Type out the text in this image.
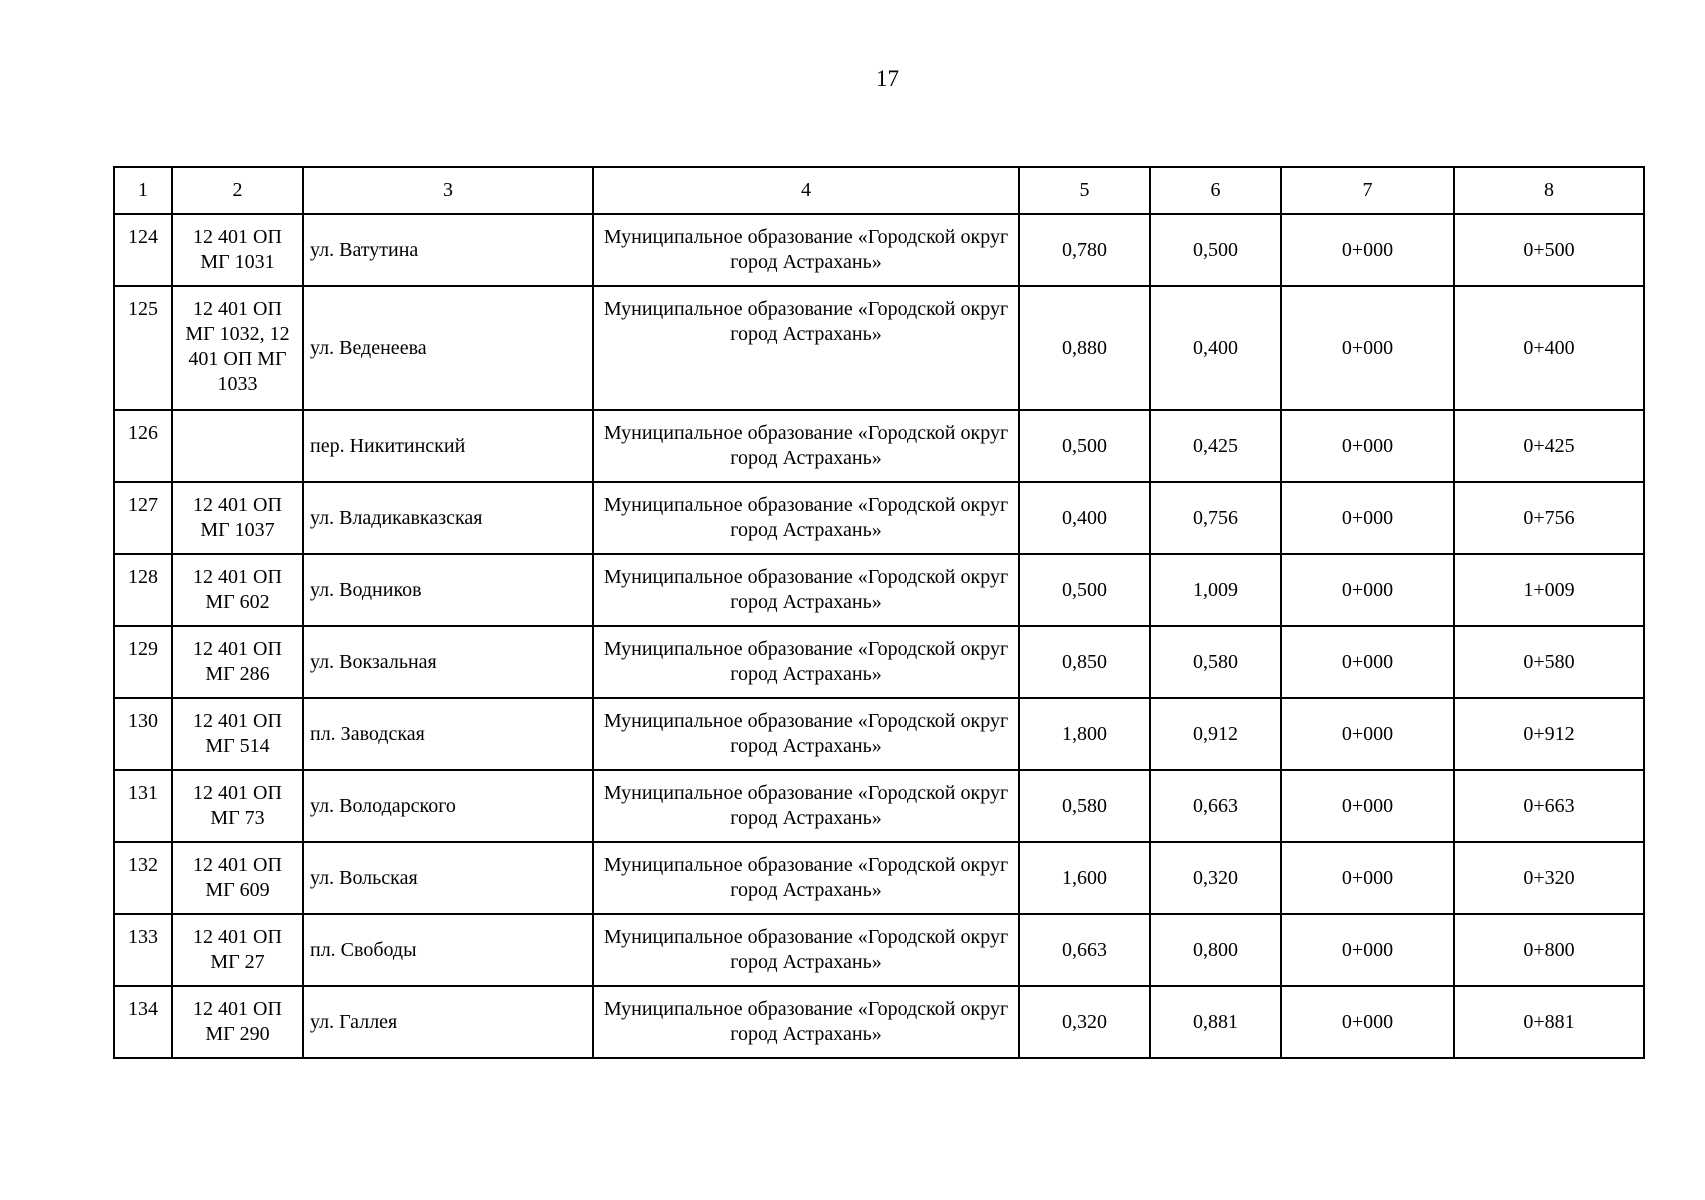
17
1	2	3	4	5	6	7	8
124	12 401 ОП МГ 1031	ул. Ватутина	Муниципальное образование «Городской округ город Астрахань»	0,780	0,500	0+000	0+500
125	12 401 ОП МГ 1032, 12 401 ОП МГ 1033	ул. Веденеева	Муниципальное образование «Городской округ город Астрахань»	0,880	0,400	0+000	0+400
126		пер. Никитинский	Муниципальное образование «Городской округ город Астрахань»	0,500	0,425	0+000	0+425
127	12 401 ОП МГ 1037	ул. Владикавказская	Муниципальное образование «Городской округ город Астрахань»	0,400	0,756	0+000	0+756
128	12 401 ОП МГ 602	ул. Водников	Муниципальное образование «Городской округ город Астрахань»	0,500	1,009	0+000	1+009
129	12 401 ОП МГ 286	ул. Вокзальная	Муниципальное образование «Городской округ город Астрахань»	0,850	0,580	0+000	0+580
130	12 401 ОП МГ 514	пл. Заводская	Муниципальное образование «Городской округ город Астрахань»	1,800	0,912	0+000	0+912
131	12 401 ОП МГ 73	ул. Володарского	Муниципальное образование «Городской округ город Астрахань»	0,580	0,663	0+000	0+663
132	12 401 ОП МГ 609	ул. Вольская	Муниципальное образование «Городской округ город Астрахань»	1,600	0,320	0+000	0+320
133	12 401 ОП МГ 27	пл. Свободы	Муниципальное образование «Городской округ город Астрахань»	0,663	0,800	0+000	0+800
134	12 401 ОП МГ 290	ул. Галлея	Муниципальное образование «Городской округ город Астрахань»	0,320	0,881	0+000	0+881
